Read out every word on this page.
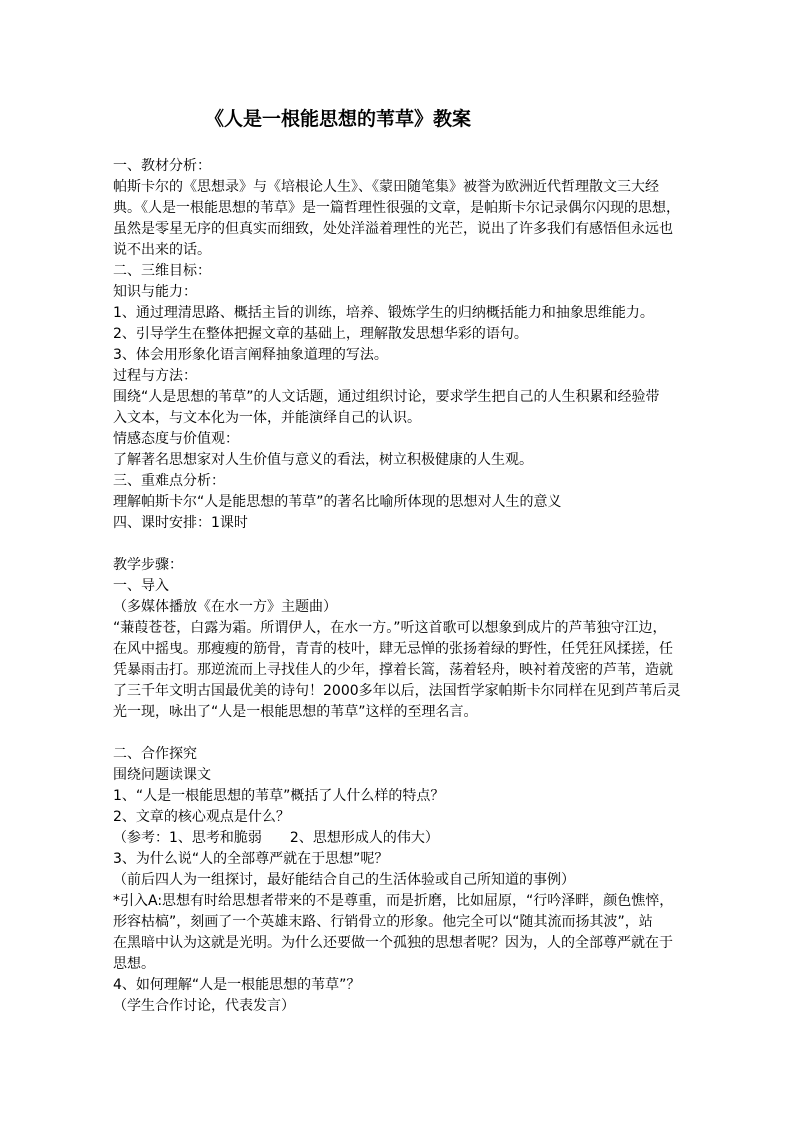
《人是一根能思想的苇草》教案
一、教材分析：
帕斯卡尔的《思想录》与《培根论人生》、《蒙田随笔集》被誉为欧洲近代哲理散文三大经
典。《人是一根能思想的苇草》是一篇哲理性很强的文章，是帕斯卡尔记录偶尔闪现的思想，
虽然是零星无序的但真实而细致，处处洋溢着理性的光芒，说出了许多我们有感悟但永远也
说不出来的话。
二、三维目标：
知识与能力：
1、通过理清思路、概括主旨的训练，培养、锻炼学生的归纳概括能力和抽象思维能力。
2、引导学生在整体把握文章的基础上，理解散发思想华彩的语句。
3、体会用形象化语言阐释抽象道理的写法。
过程与方法：
围绕“人是思想的苇草”的人文话题，通过组织讨论，要求学生把自己的人生积累和经验带
入文本，与文本化为一体，并能演绎自己的认识。
情感态度与价值观：
了解著名思想家对人生价值与意义的看法，树立积极健康的人生观。
三、重难点分析：
理解帕斯卡尔“人是能思想的苇草”的著名比喻所体现的思想对人生的意义
四、课时安排：1课时
教学步骤：
一、导入
（多媒体播放《在水一方》主题曲）
“蒹葭苍苍，白露为霜。所谓伊人，在水一方。”听这首歌可以想象到成片的芦苇独守江边，
在风中摇曳。那瘦瘦的筋骨，青青的枝叶，肆无忌惮的张扬着绿的野性，任凭狂风揉搓，任
凭暴雨击打。那逆流而上寻找佳人的少年，撑着长篙，荡着轻舟，映衬着茂密的芦苇，造就
了三千年文明古国最优美的诗句！2000多年以后，法国哲学家帕斯卡尔同样在见到芦苇后灵
光一现，咏出了“人是一根能思想的苇草”这样的至理名言。
二、合作探究
围绕问题读课文
1、“人是一根能思想的苇草”概括了人什么样的特点？
2、文章的核心观点是什么？
（参考：1、思考和脆弱　　2、思想形成人的伟大）
3、为什么说“人的全部尊严就在于思想”呢？
（前后四人为一组探讨，最好能结合自己的生活体验或自己所知道的事例）
*引入A:思想有时给思想者带来的不是尊重，而是折磨，比如屈原，“行吟泽畔，颜色憔悴，
形容枯槁”，刻画了一个英雄末路、行销骨立的形象。他完全可以“随其流而扬其波”，站
在黑暗中认为这就是光明。为什么还要做一个孤独的思想者呢？因为，人的全部尊严就在于
思想。
4、如何理解“人是一根能思想的苇草”？
（学生合作讨论，代表发言）
